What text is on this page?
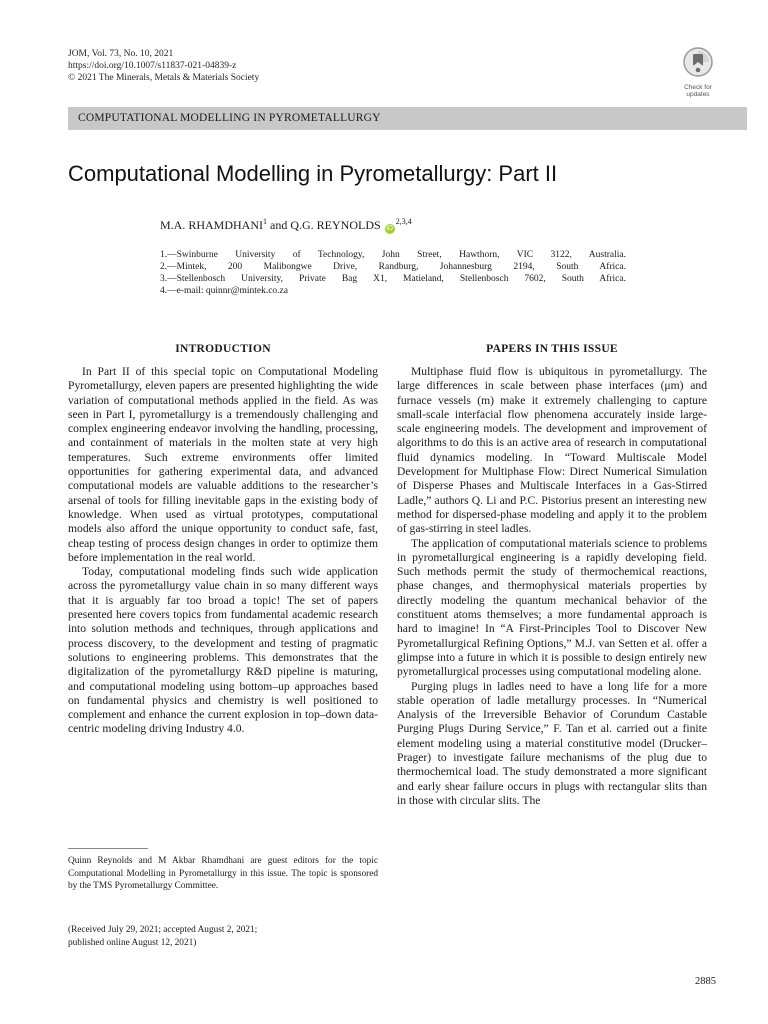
JOM, Vol. 73, No. 10, 2021
https://doi.org/10.1007/s11837-021-04839-z
© 2021 The Minerals, Metals & Materials Society
Check for
updates
COMPUTATIONAL MODELLING IN PYROMETALLURGY
Computational Modelling in Pyrometallurgy: Part II
M.A. RHAMDHANI$^1$ and Q.G. REYNOLDS iD$^{2,3,4}$
1.—Swinburne University of Technology, John Street, Hawthorn, VIC 3122, Australia.
2.—Mintek, 200 Malibongwe Drive, Randburg, Johannesburg 2194, South Africa.
3.—Stellenbosch University, Private Bag X1, Matieland, Stellenbosch 7602, South Africa.
4.—e-mail: quinnr@mintek.co.za
INTRODUCTION

In Part II of this special topic on Computational Modeling Pyrometallurgy, eleven papers are presented highlighting the wide variation of computational methods applied in the field. As was seen in Part I, pyrometallurgy is a tremendously challenging and complex engineering endeavor involving the handling, processing, and containment of materials in the molten state at very high temperatures. Such extreme environments offer limited opportunities for gathering experimental data, and advanced computational models are valuable additions to the researcher’s arsenal of tools for filling inevitable gaps in the existing body of knowledge. When used as virtual prototypes, computational models also afford the unique opportunity to conduct safe, fast, cheap testing of process design changes in order to optimize them before implementation in the real world.

Today, computational modeling finds such wide application across the pyrometallurgy value chain in so many different ways that it is arguably far too broad a topic! The set of papers presented here covers topics from fundamental academic research into solution methods and techniques, through applications and process discovery, to the development and testing of pragmatic solutions to engineering problems. This demonstrates that the digitalization of the pyrometallurgy R&D pipeline is maturing, and computational modeling using bottom–up approaches based on fundamental physics and chemistry is well positioned to complement and enhance the current explosion in top–down data-centric modeling driving Industry 4.0.

Quinn Reynolds and M Akbar Rhamdhani are guest editors for the topic Computational Modelling in Pyrometallurgy in this issue. The topic is sponsored by the TMS Pyrometallurgy Committee.
(Received July 29, 2021; accepted August 2, 2021;
published online August 12, 2021)
PAPERS IN THIS ISSUE

Multiphase fluid flow is ubiquitous in pyrometallurgy. The large differences in scale between phase interfaces (μm) and furnace vessels (m) make it extremely challenging to capture small-scale interfacial flow phenomena accurately inside large-scale engineering models. The development and improvement of algorithms to do this is an active area of research in computational fluid dynamics modeling. In “Toward Multiscale Model Development for Multiphase Flow: Direct Numerical Simulation of Disperse Phases and Multiscale Interfaces in a Gas-Stirred Ladle,” authors Q. Li and P.C. Pistorius present an interesting new method for dispersed-phase modeling and apply it to the problem of gas-stirring in steel ladles.

The application of computational materials science to problems in pyrometallurgical engineering is a rapidly developing field. Such methods permit the study of thermochemical reactions, phase changes, and thermophysical materials properties by directly modeling the quantum mechanical behavior of the constituent atoms themselves; a more fundamental approach is hard to imagine! In “A First-Principles Tool to Discover New Pyrometallurgical Refining Options,” M.J. van Setten et al. offer a glimpse into a future in which it is possible to design entirely new pyrometallurgical processes using computational modeling alone.

Purging plugs in ladles need to have a long life for a more stable operation of ladle metallurgy processes. In “Numerical Analysis of the Irreversible Behavior of Corundum Castable Purging Plugs During Service,” F. Tan et al. carried out a finite element modeling using a material constitutive model (Drucker–Prager) to investigate failure mechanisms of the plug due to thermochemical load. The study demonstrated a more significant and early shear failure occurs in plugs with rectangular slits than in those with circular slits. The

2885
